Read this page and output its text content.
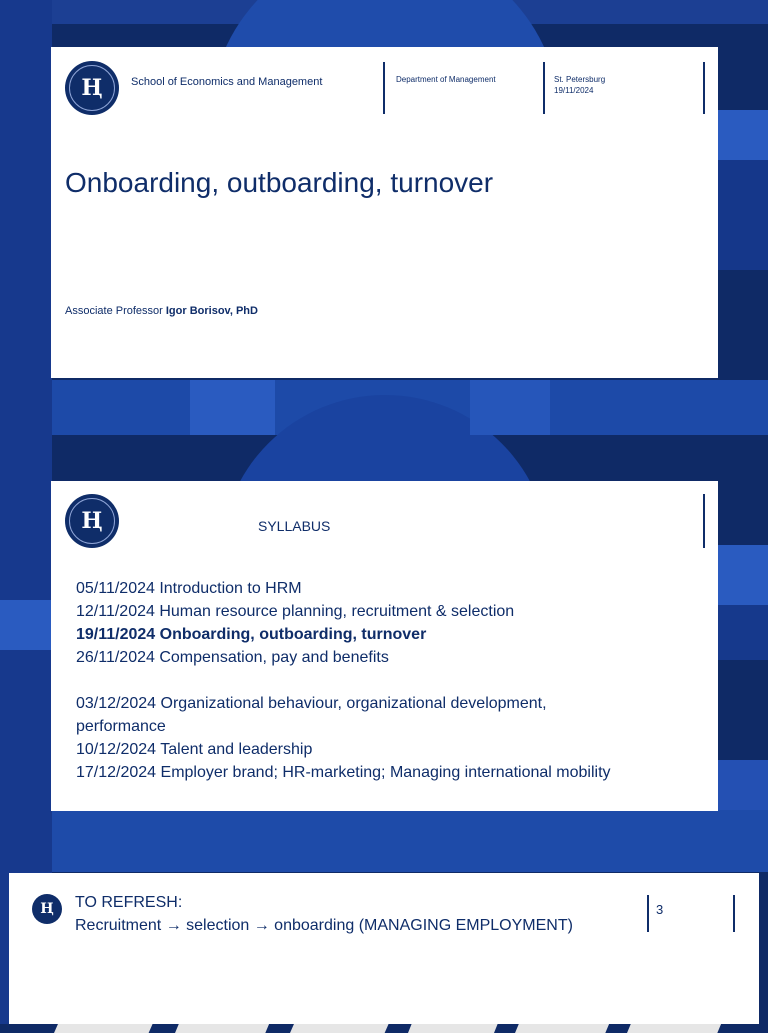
Ң	School of Economics and Management	Department of Management	St. Petersburg
19/11/2024
Onboarding, outboarding, turnover
Associate Professor Igor Borisov, PhD
Ң	SYLLABUS
05/11/2024 Introduction to HRM
12/11/2024 Human resource planning, recruitment & selection
19/11/2024 Onboarding, outboarding, turnover
26/11/2024 Compensation, pay and benefits
03/12/2024 Organizational behaviour, organizational development,
performance
10/12/2024 Talent and leadership
17/12/2024 Employer brand; HR-marketing; Managing international mobility
Ң TO REFRESH:
Recruitment → selection → onboarding (MANAGING EMPLOYMENT)
3
